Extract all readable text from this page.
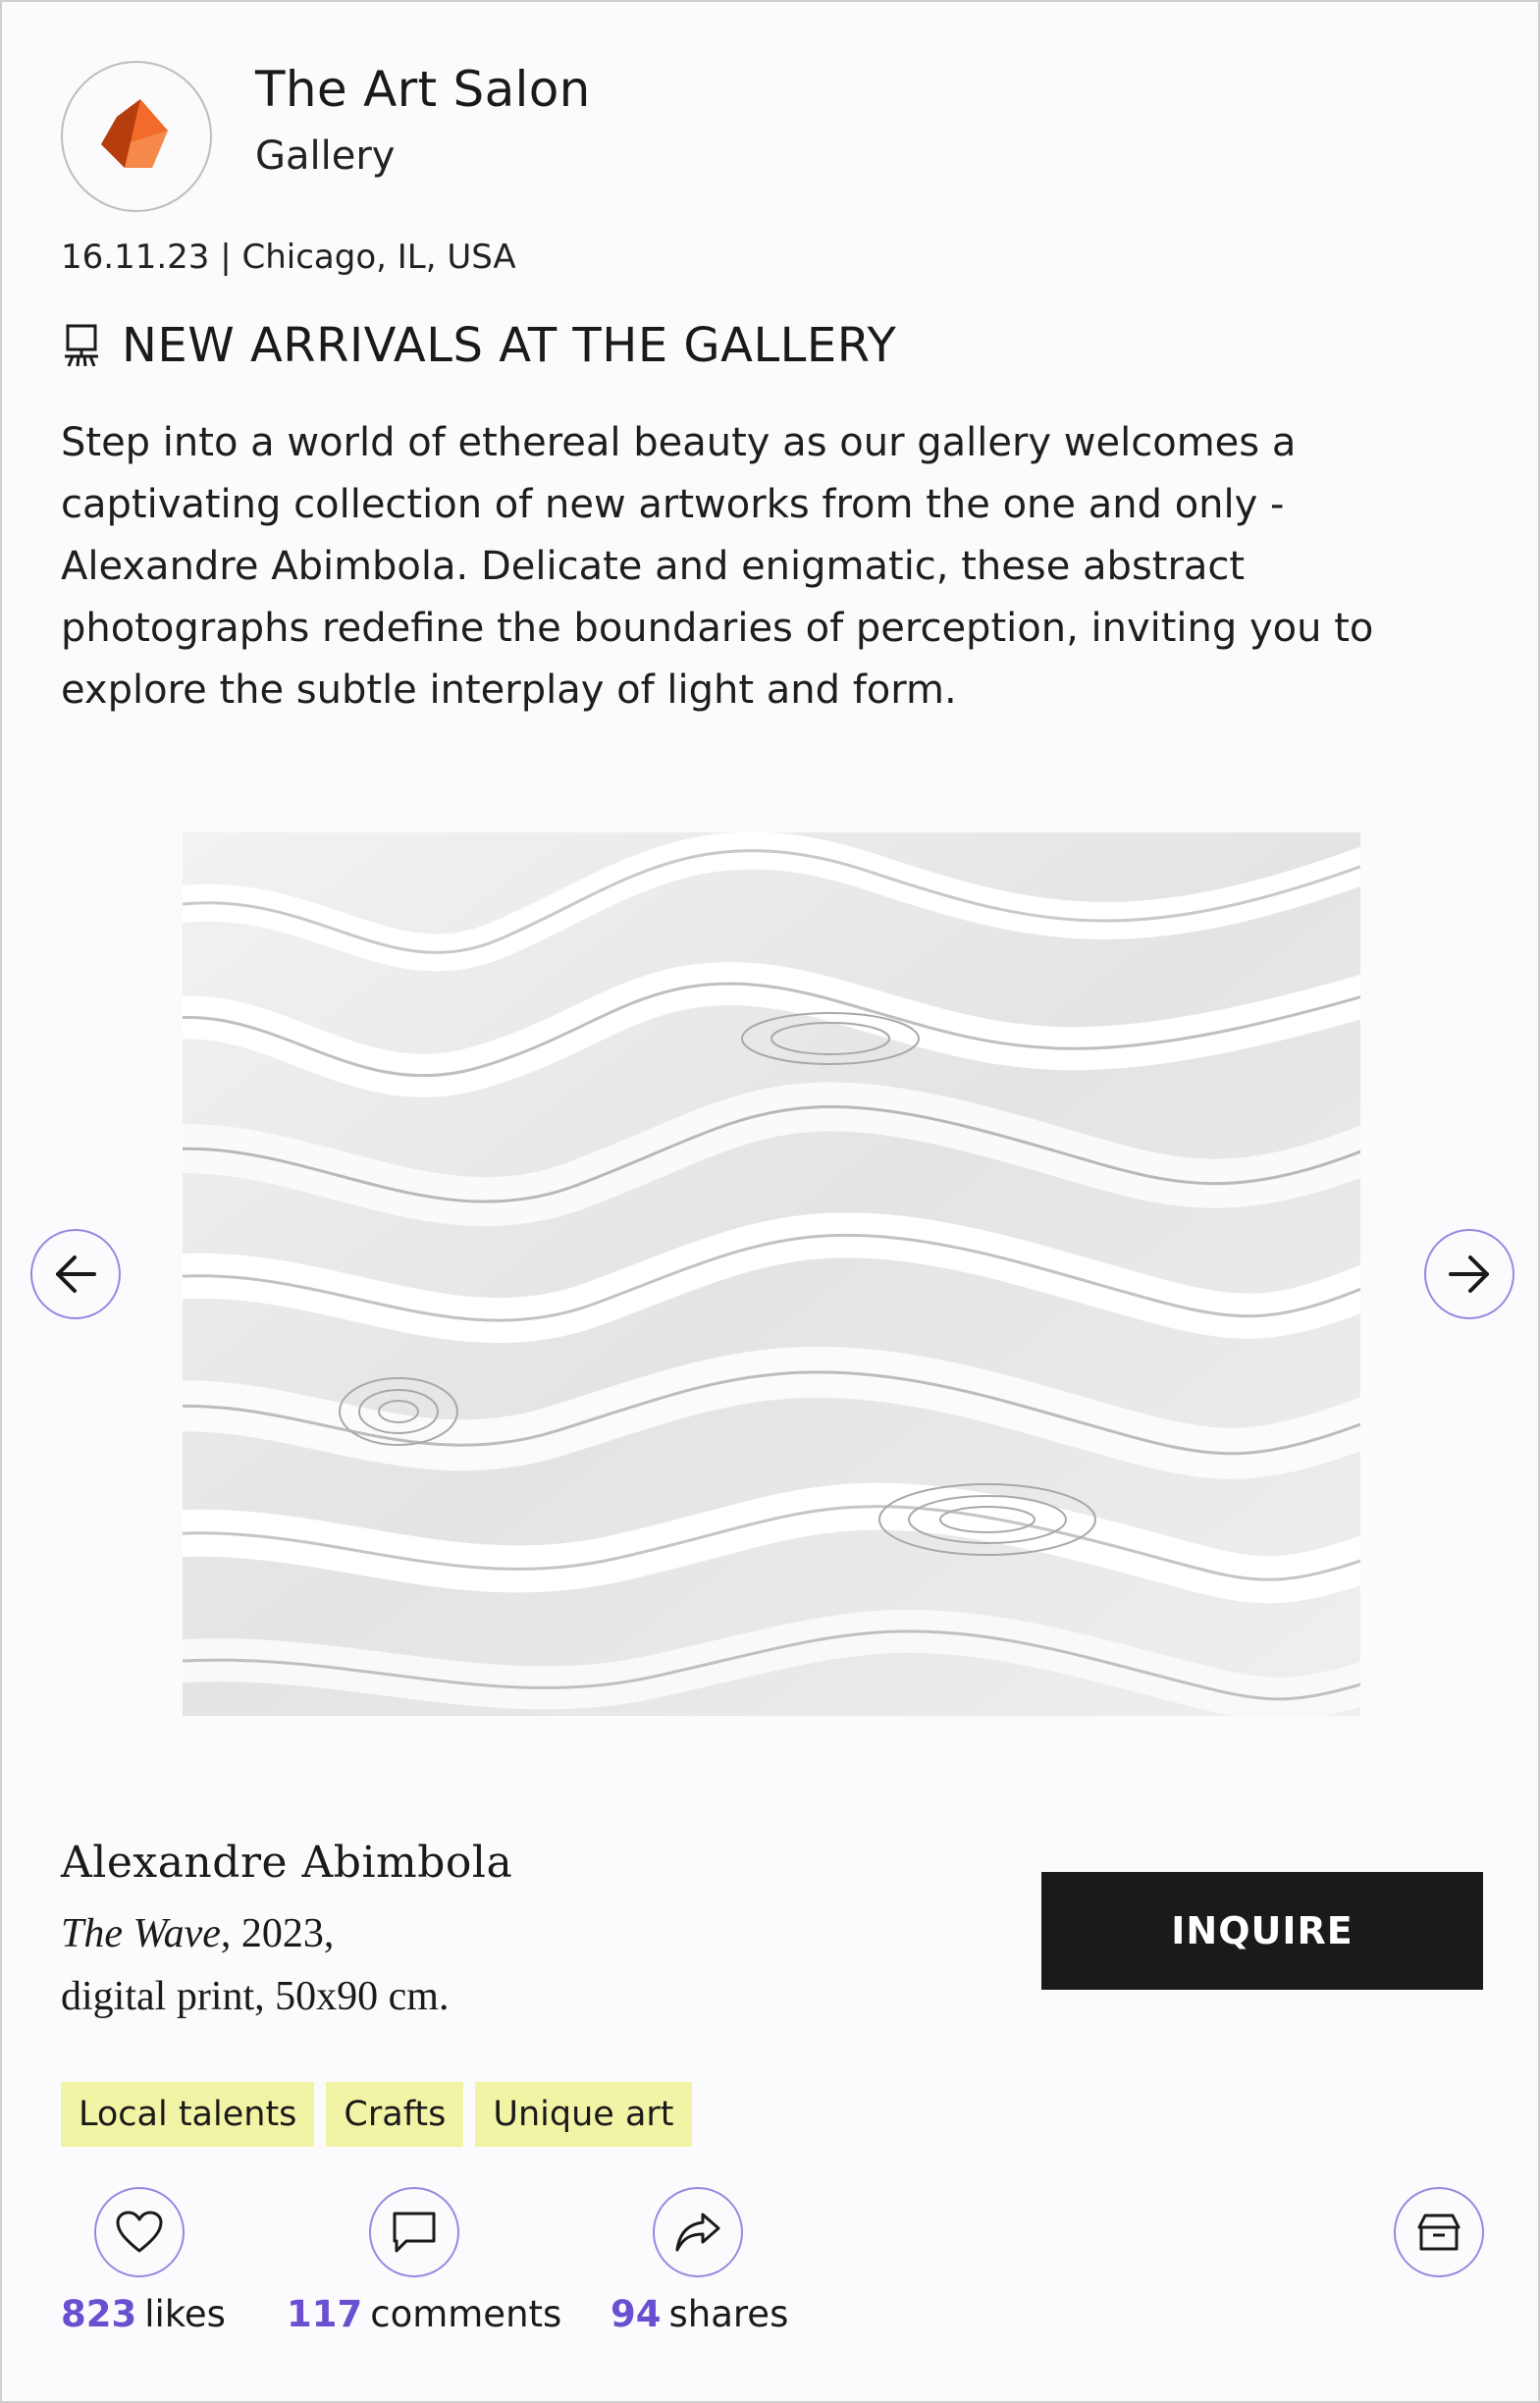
The Art Salon
Gallery
16.11.23 | Chicago, IL, USA
NEW ARRIVALS AT THE GALLERY
Step into a world of ethereal beauty as our gallery welcomes a captivating collection of new artworks from the one and only - Alexandre Abimbola. Delicate and enigmatic, these abstract photographs redefine the boundaries of perception, inviting you to explore the subtle interplay of light and form.
Alexandre Abimbola
The Wave, 2023,
digital print, 50x90 cm.
INQUIRE
Local talents	Crafts	Unique art
823 likes 117 comments 94 shares
